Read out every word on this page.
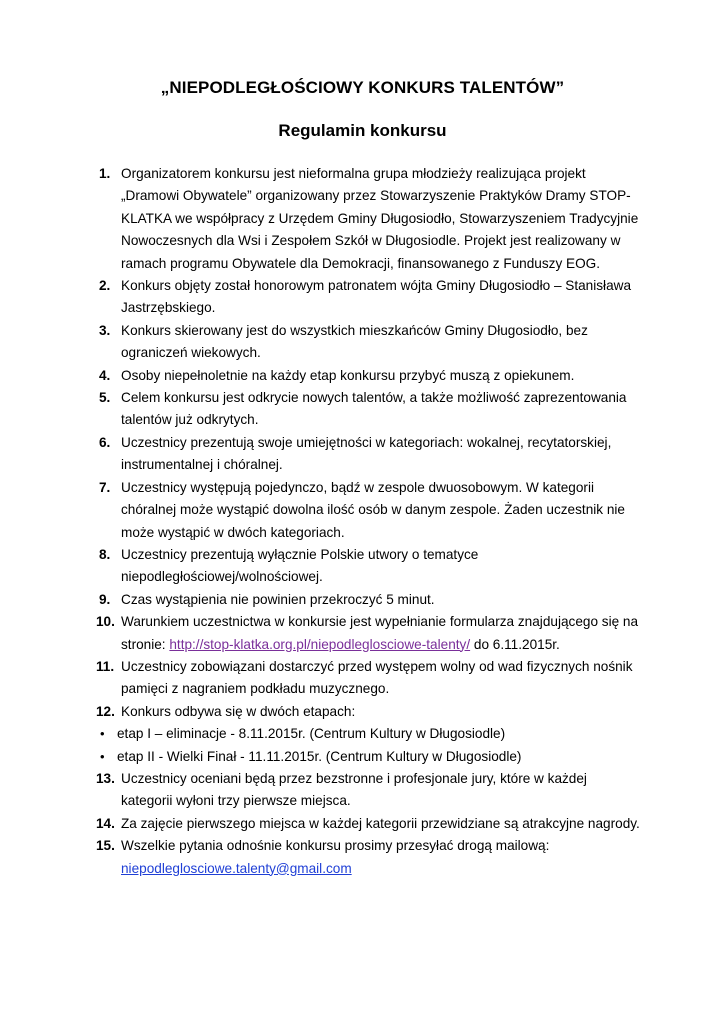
„NIEPODLEGŁOŚCIOWY KONKURS TALENTÓW”
Regulamin konkursu
1. Organizatorem konkursu jest nieformalna grupa młodzieży realizująca projekt „Dramowi Obywatele” organizowany przez Stowarzyszenie Praktyków Dramy STOP-KLATKA we współpracy z Urzędem Gminy Długosiodło, Stowarzyszeniem Tradycyjnie Nowoczesnych dla Wsi i Zespołem Szkół w Długosiodle. Projekt jest realizowany w ramach programu Obywatele dla Demokracji, finansowanego z Funduszy EOG.
2. Konkurs objęty został honorowym patronatem wójta Gminy Długosiodło – Stanisława Jastrzębskiego.
3. Konkurs skierowany jest do wszystkich mieszkańców Gminy Długosiodło, bez ograniczeń wiekowych.
4. Osoby niepełnoletnie na każdy etap konkursu przybyć muszą z opiekunem.
5. Celem konkursu jest odkrycie nowych talentów, a także możliwość zaprezentowania talentów już odkrytych.
6. Uczestnicy prezentują swoje umiejętności w kategoriach: wokalnej, recytatorskiej, instrumentalnej i chóralnej.
7. Uczestnicy występują pojedynczo, bądź w zespole dwuosobowym. W kategorii chóralnej może wystąpić dowolna ilość osób w danym zespole. Żaden uczestnik nie może wystąpić w dwóch kategoriach.
8. Uczestnicy prezentują wyłącznie Polskie utwory o tematyce niepodległościowej/wolnościowej.
9. Czas wystąpienia nie powinien przekroczyć 5 minut.
10. Warunkiem uczestnictwa w konkursie jest wypełnianie formularza znajdującego się na stronie: http://stop-klatka.org.pl/niepodleglosciowe-talenty/ do 6.11.2015r.
11. Uczestnicy zobowiązani dostarczyć przed występem wolny od wad fizycznych nośnik pamięci z nagraniem podkładu muzycznego.
12. Konkurs odbywa się w dwóch etapach:
• etap I – eliminacje - 8.11.2015r. (Centrum Kultury w Długosiodle)
• etap II - Wielki Finał - 11.11.2015r. (Centrum Kultury w Długosiodle)
13. Uczestnicy oceniani będą przez bezstronne i profesjonale jury, które w każdej kategorii wyłoni trzy pierwsze miejsca.
14. Za zajęcie pierwszego miejsca w każdej kategorii przewidziane są atrakcyjne nagrody.
15. Wszelkie pytania odnośnie konkursu prosimy przesyłać drogą mailową: niepodleglosciowe.talenty@gmail.com
